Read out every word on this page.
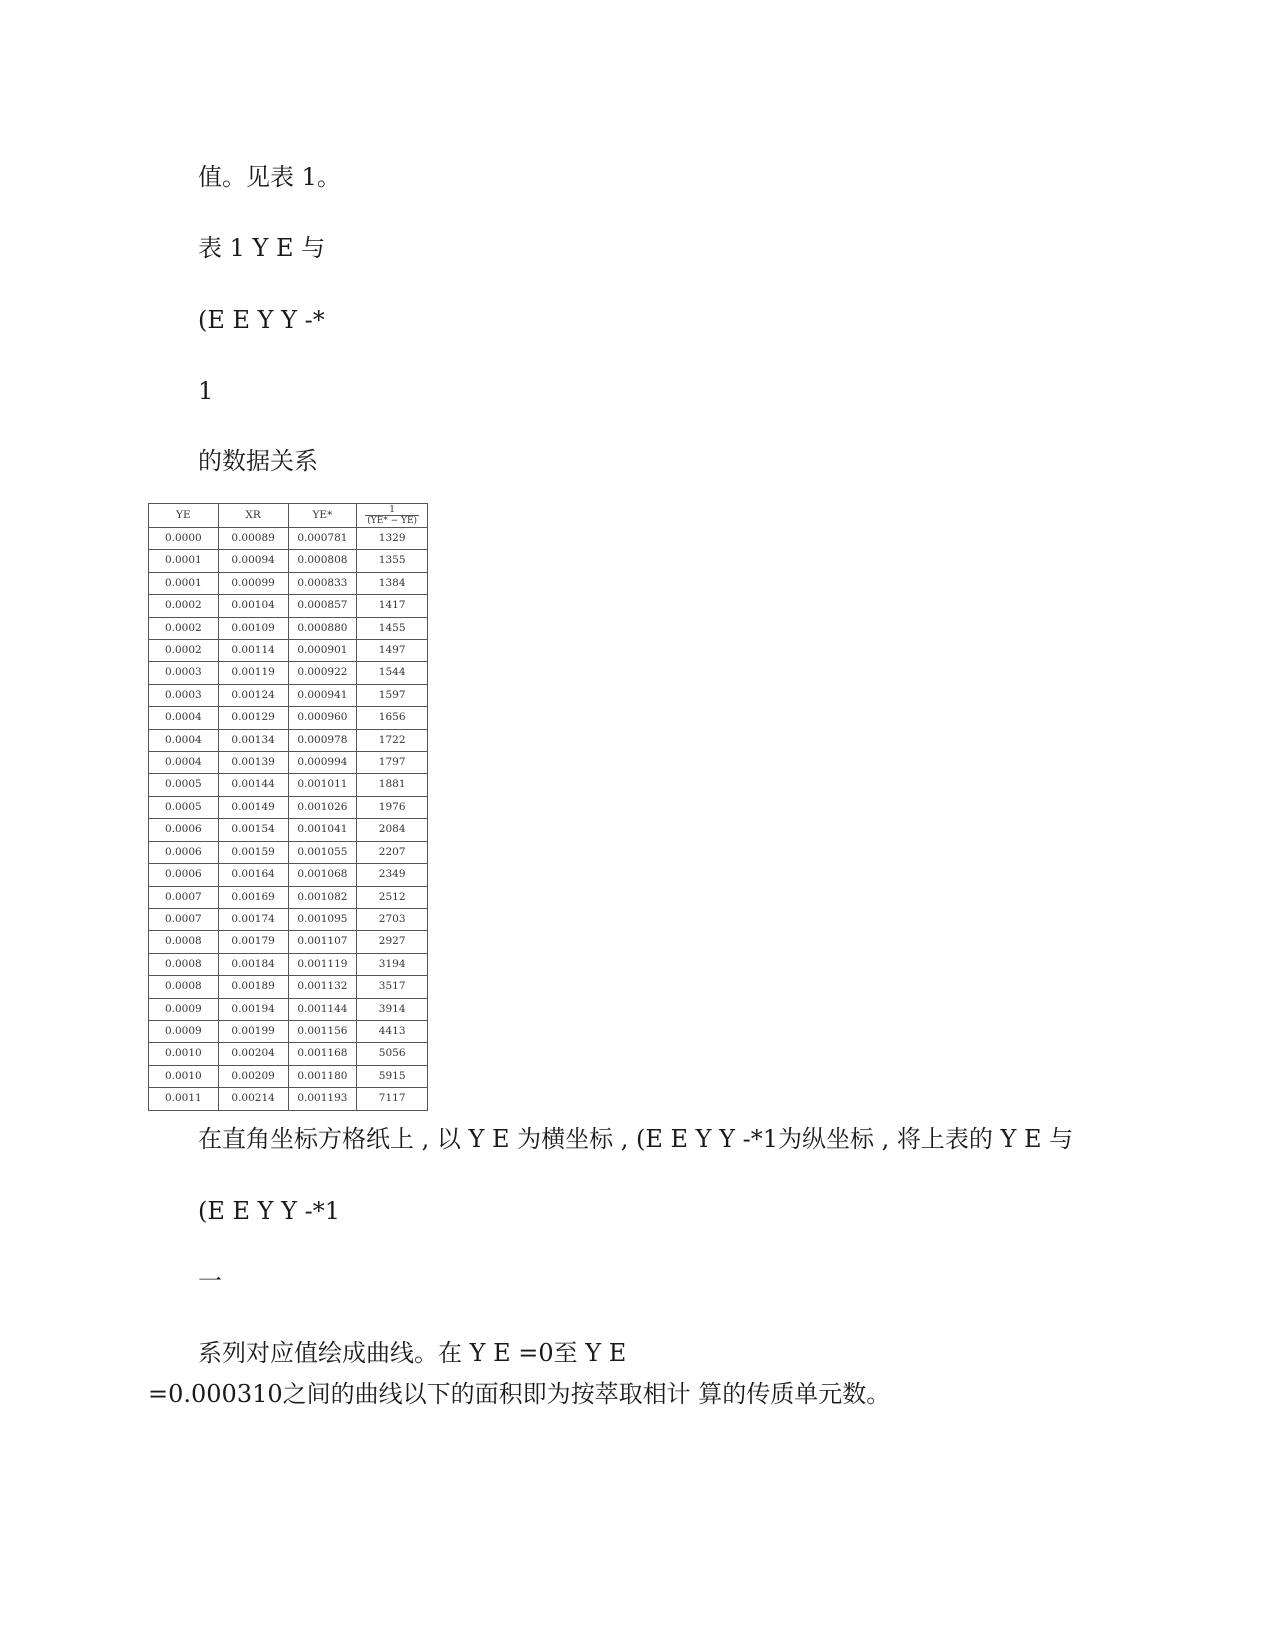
值。见表 1。
表 1 Y E 与
(E E Y Y -*
1
的数据关系
YE	XR	YE*	$\frac{1}{(YE* - YE)}$

0.0000	0.00089	0.000781	1329
0.0001	0.00094	0.000808	1355
0.0001	0.00099	0.000833	1384
0.0002	0.00104	0.000857	1417
0.0002	0.00109	0.000880	1455
0.0002	0.00114	0.000901	1497
0.0003	0.00119	0.000922	1544
0.0003	0.00124	0.000941	1597
0.0004	0.00129	0.000960	1656
0.0004	0.00134	0.000978	1722
0.0004	0.00139	0.000994	1797
0.0005	0.00144	0.001011	1881
0.0005	0.00149	0.001026	1976
0.0006	0.00154	0.001041	2084
0.0006	0.00159	0.001055	2207
0.0006	0.00164	0.001068	2349
0.0007	0.00169	0.001082	2512
0.0007	0.00174	0.001095	2703
0.0008	0.00179	0.001107	2927
0.0008	0.00184	0.001119	3194
0.0008	0.00189	0.001132	3517
0.0009	0.00194	0.001144	3914
0.0009	0.00199	0.001156	4413
0.0010	0.00204	0.001168	5056
0.0010	0.00209	0.001180	5915
0.0011	0.00214	0.001193	7117
在直角坐标方格纸上 , 以 Y E 为横坐标 , (E E Y Y -*1为纵坐标 , 将上表的 Y E 与
(E E Y Y -*1
一
系列对应值绘成曲线。在 Y E =0至 Y E
=0.000310之间的曲线以下的面积即为按萃取相计 算的传质单元数。
